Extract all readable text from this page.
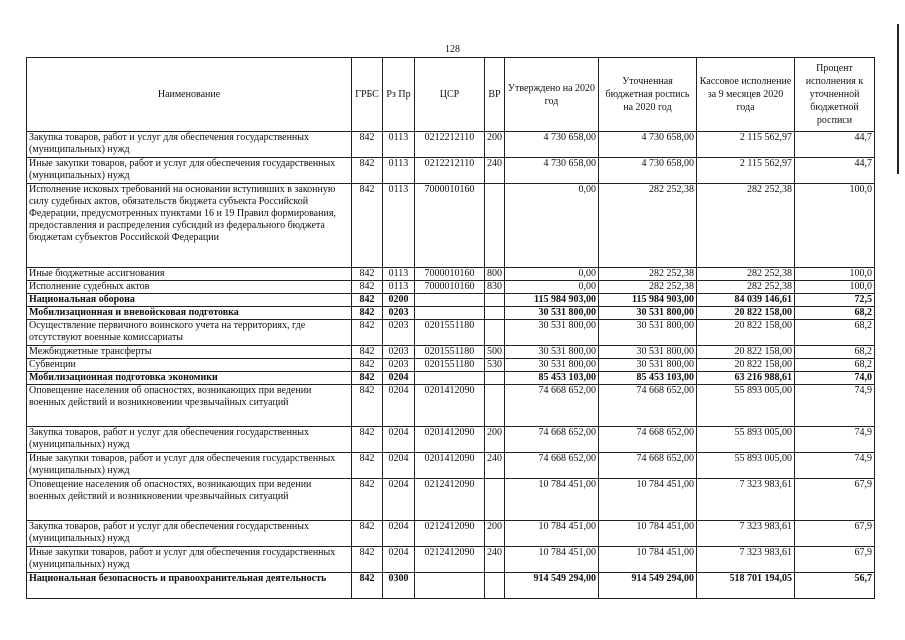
128
Наименование	ГРБС	Рз Пр	ЦСР	ВР	Утверждено на 2020 год	Уточненная бюджетная роспись на 2020 год	Кассовое исполнение за 9 месяцев 2020 года	Процент исполнения к уточненной бюджетной росписи
Закупка товаров, работ и услуг для обеспечения государственных (муниципальных) нужд	842	0113	0212212110	200	4 730 658,00	4 730 658,00	2 115 562,97	44,7
Иные закупки товаров, работ и услуг для обеспечения государственных (муниципальных) нужд	842	0113	0212212110	240	4 730 658,00	4 730 658,00	2 115 562,97	44,7
Исполнение исковых требований на основании вступивших в законную силу судебных актов, обязательств бюджета субъекта Российской Федерации, предусмотренных пунктами 16 и 19 Правил формирования, предоставления и распределения субсидий из федерального бюджета бюджетам субъектов Российской Федерации	842	0113	7000010160		0,00	282 252,38	282 252,38	100,0
Иные бюджетные ассигнования	842	0113	7000010160	800	0,00	282 252,38	282 252,38	100,0
Исполнение судебных актов	842	0113	7000010160	830	0,00	282 252,38	282 252,38	100,0
Национальная оборона	842	0200			115 984 903,00	115 984 903,00	84 039 146,61	72,5
Мобилизационная и вневойсковая подготовка	842	0203			30 531 800,00	30 531 800,00	20 822 158,00	68,2
Осуществление первичного воинского учета на территориях, где отсутствуют военные комиссариаты	842	0203	0201551180		30 531 800,00	30 531 800,00	20 822 158,00	68,2
Межбюджетные трансферты	842	0203	0201551180	500	30 531 800,00	30 531 800,00	20 822 158,00	68,2
Субвенции	842	0203	0201551180	530	30 531 800,00	30 531 800,00	20 822 158,00	68,2
Мобилизационная подготовка экономики	842	0204			85 453 103,00	85 453 103,00	63 216 988,61	74,0
Оповещение населения об опасностях, возникающих при ведении военных действий и возникновении чрезвычайных ситуаций	842	0204	0201412090		74 668 652,00	74 668 652,00	55 893 005,00	74,9
Закупка товаров, работ и услуг для обеспечения государственных (муниципальных) нужд	842	0204	0201412090	200	74 668 652,00	74 668 652,00	55 893 005,00	74,9
Иные закупки товаров, работ и услуг для обеспечения государственных (муниципальных) нужд	842	0204	0201412090	240	74 668 652,00	74 668 652,00	55 893 005,00	74,9
Оповещение населения об опасностях, возникающих при ведении военных действий и возникновении чрезвычайных ситуаций	842	0204	0212412090		10 784 451,00	10 784 451,00	7 323 983,61	67,9
Закупка товаров, работ и услуг для обеспечения государственных (муниципальных) нужд	842	0204	0212412090	200	10 784 451,00	10 784 451,00	7 323 983,61	67,9
Иные закупки товаров, работ и услуг для обеспечения государственных (муниципальных) нужд	842	0204	0212412090	240	10 784 451,00	10 784 451,00	7 323 983,61	67,9
Национальная безопасность и правоохранительная деятельность	842	0300			914 549 294,00	914 549 294,00	518 701 194,05	56,7
